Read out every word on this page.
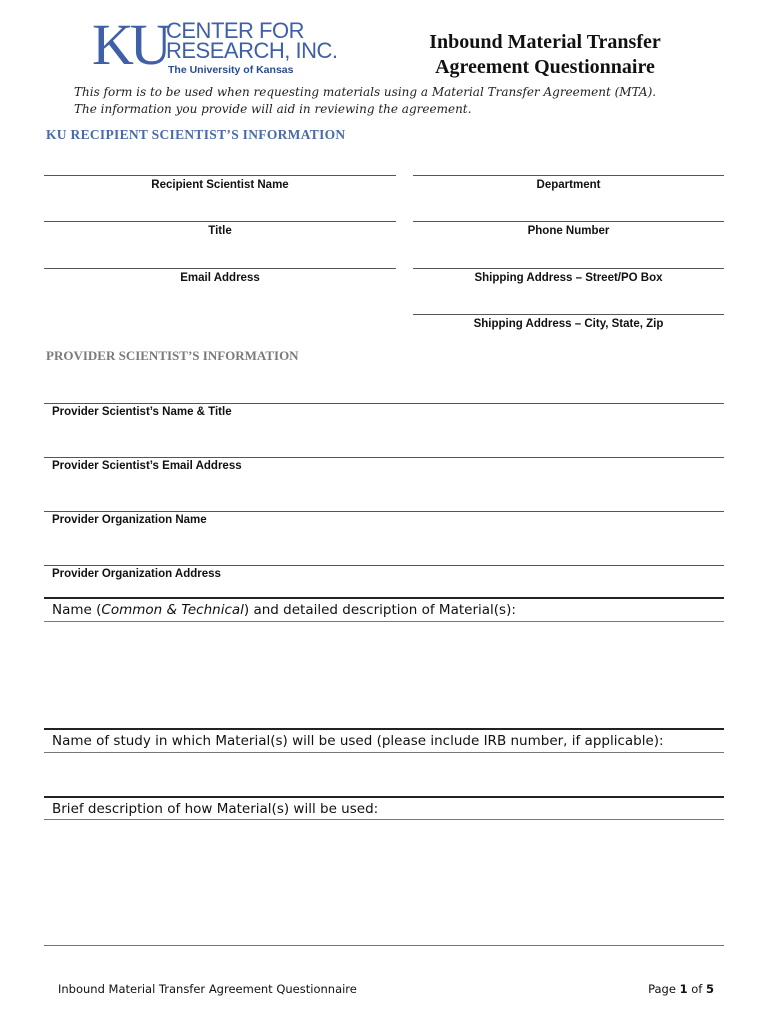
KU
CENTER FOR
RESEARCH, INC.
The University of Kansas
Inbound Material Transfer
Agreement Questionnaire
This form is to be used when requesting materials using a Material Transfer Agreement (MTA).
The information you provide will aid in reviewing the agreement.
KU RECIPIENT SCIENTIST’S INFORMATION
Recipient Scientist Name	Department
Title	Phone Number
Email Address	Shipping Address – Street/PO Box
Shipping Address – City, State, Zip
PROVIDER SCIENTIST’S INFORMATION
Provider Scientist’s Name & Title
Provider Scientist’s Email Address
Provider Organization Name
Provider Organization Address
Name (Common & Technical) and detailed description of Material(s):
Name of study in which Material(s) will be used (please include IRB number, if applicable):
Brief description of how Material(s) will be used:
Inbound Material Transfer Agreement Questionnaire	Page 1 of 5
